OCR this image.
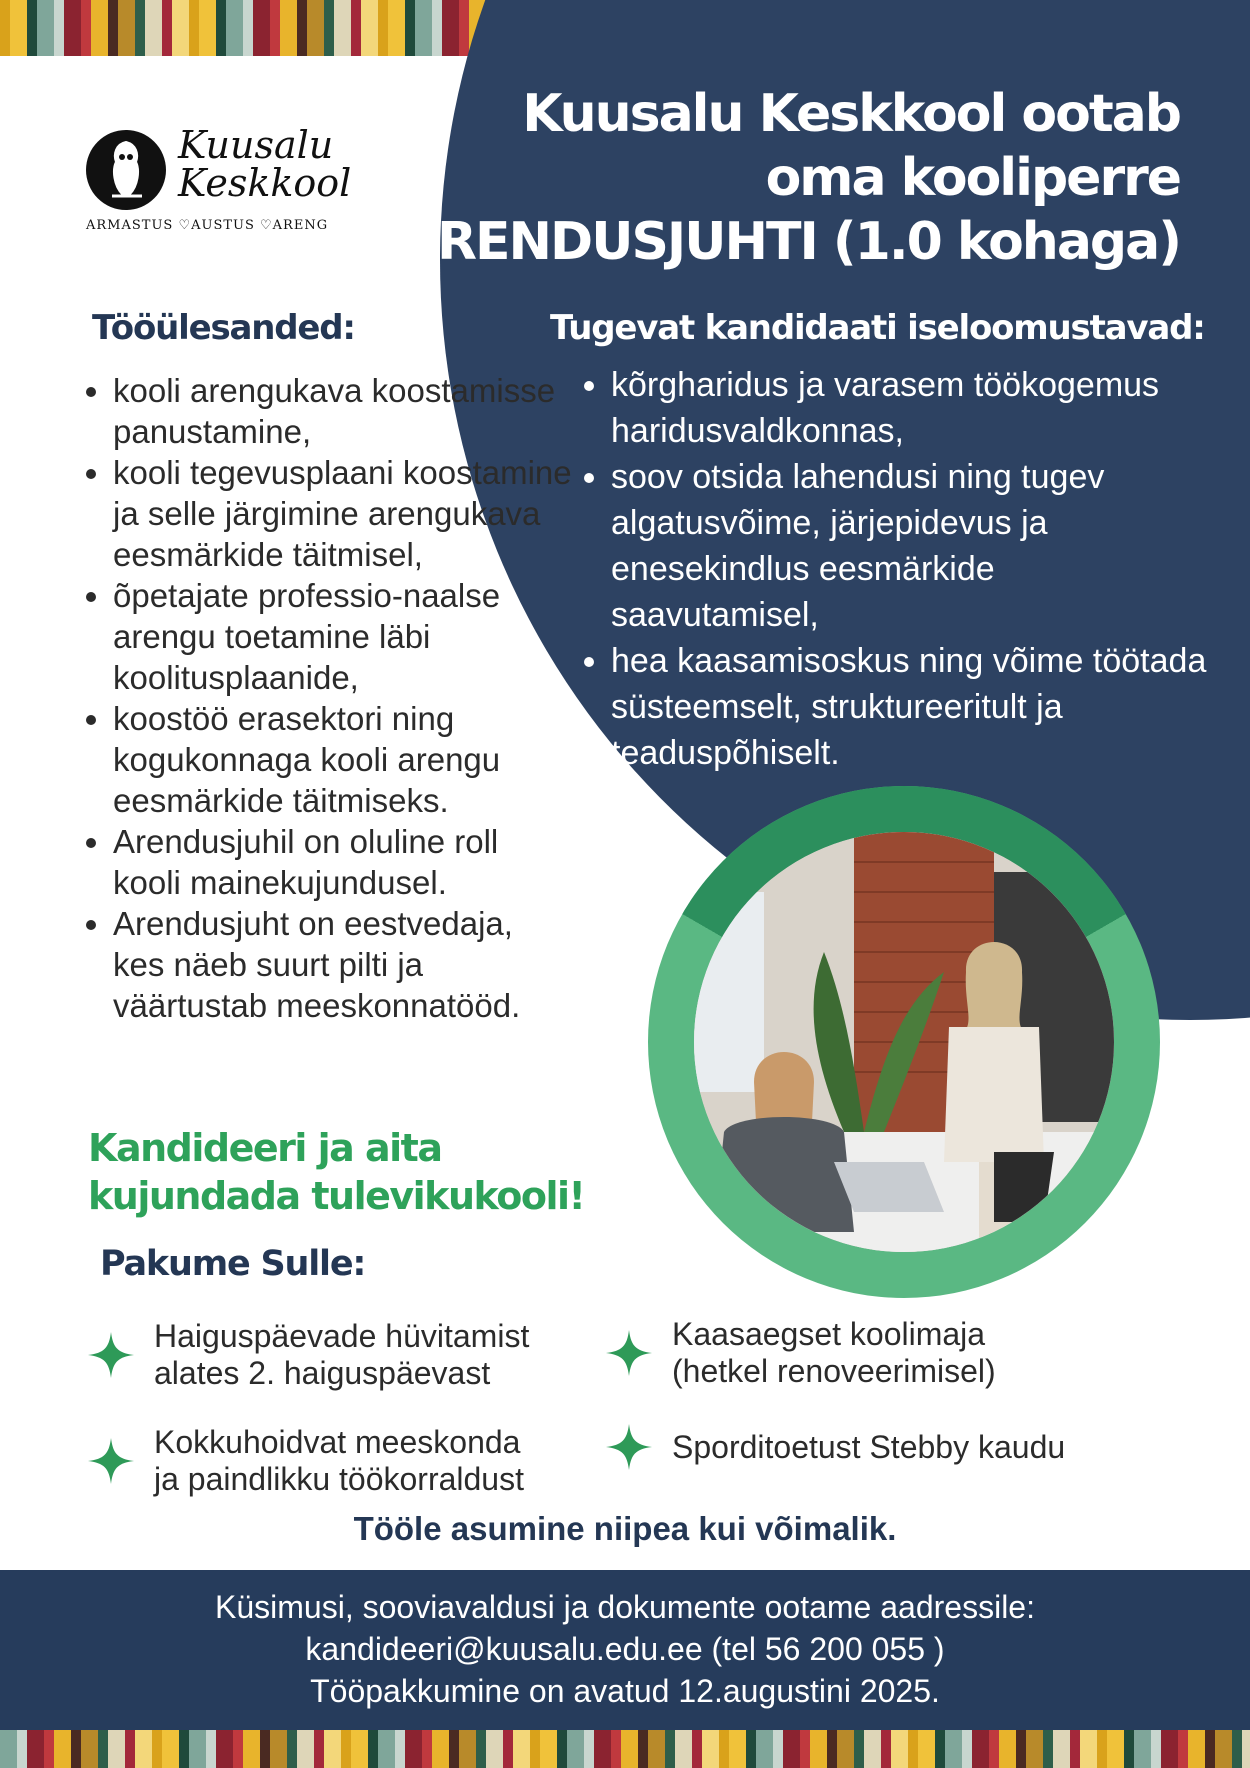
Kuusalu
Keskkool
ARMASTUS ♡AUSTUS ♡ARENG
Kuusalu Keskkool ootab
oma kooliperre
ARENDUSJUHTI (1.0 kohaga)
Tugevat kandidaati iseloomustavad:
• kõrgharidus ja varasem töökogemus haridusvaldkonnas,
• soov otsida lahendusi ning tugev algatusvõime, järjepidevus ja enesekindlus eesmärkide saavutamisel,
• hea kaasamisoskus ning võime töötada süsteemselt, struktureeritult ja teaduspõhiselt.
Tööülesanded:
• kooli arengukava koostamisse panustamine,
• kooli tegevusplaani koostamine ja selle järgimine arengukava eesmärkide täitmisel,
• õpetajate professio-naalse arengu toetamine läbi koolitusplaanide,
• koostöö erasektori ning kogukonnaga kooli arengu eesmärkide täitmiseks.
• Arendusjuhil on oluline roll kooli mainekujundusel.
• Arendusjuht on eestvedaja, kes näeb suurt pilti ja väärtustab meeskonnatööd.
Kandideeri ja aita
kujundada tulevikukooli!
Pakume Sulle:
Haiguspäevade hüvitamist
alates 2. haiguspäevast
Kaasaegset koolimaja
(hetkel renoveerimisel)
Kokkuhoidvat meeskonda
ja paindlikku töökorraldust
Sporditoetust Stebby kaudu
Tööle asumine niipea kui võimalik.
Küsimusi, sooviavaldusi ja dokumente ootame aadressile:
kandideeri@kuusalu.edu.ee (tel 56 200 055 )
Tööpakkumine on avatud 12.augustini 2025.
